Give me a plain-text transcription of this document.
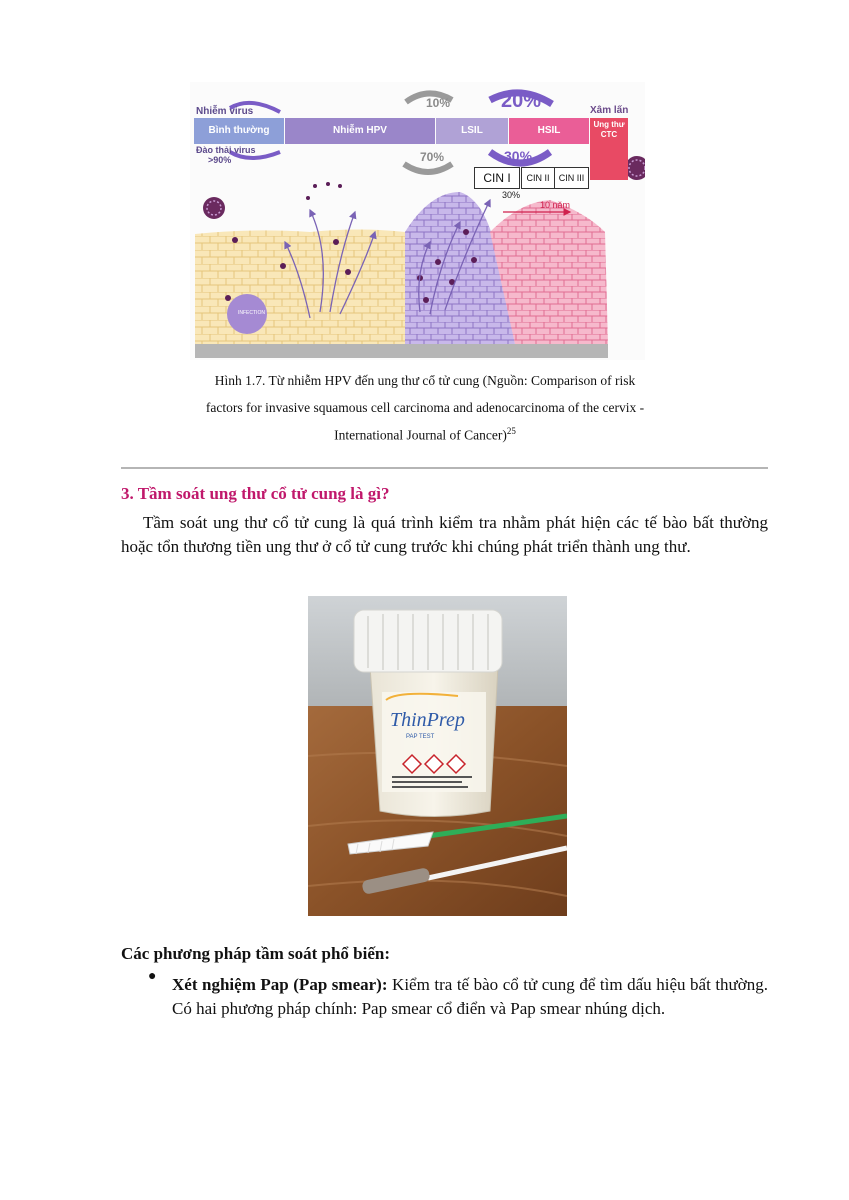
INFECTION
Bình thường	Nhiễm HPV	LSIL	HSIL
Ung thư CTC
Nhiễm virus
Đào thải virus
>90%
Xâm lấn
10%	20%
70%	30%
CIN I	CIN II	CIN III
30%
10 năm
Hình 1.7. Từ nhiễm HPV đến ung thư cổ tử cung (Nguồn: Comparison of risk
factors for invasive squamous cell carcinoma and adenocarcinoma of the cervix -
International Journal of Cancer)$^{25}$
3. Tầm soát ung thư cổ tử cung là gì?
Tầm soát ung thư cổ tử cung là quá trình kiểm tra nhằm phát hiện các tế bào bất thường hoặc tổn thương tiền ung thư ở cổ tử cung trước khi chúng phát triển thành ung thư.
ThinPrep
PAP TEST
Các phương pháp tầm soát phổ biến:
● Xét nghiệm Pap (Pap smear): Kiểm tra tế bào cổ tử cung để tìm dấu hiệu bất thường. Có hai phương pháp chính: Pap smear cổ điển và Pap smear nhúng dịch.
